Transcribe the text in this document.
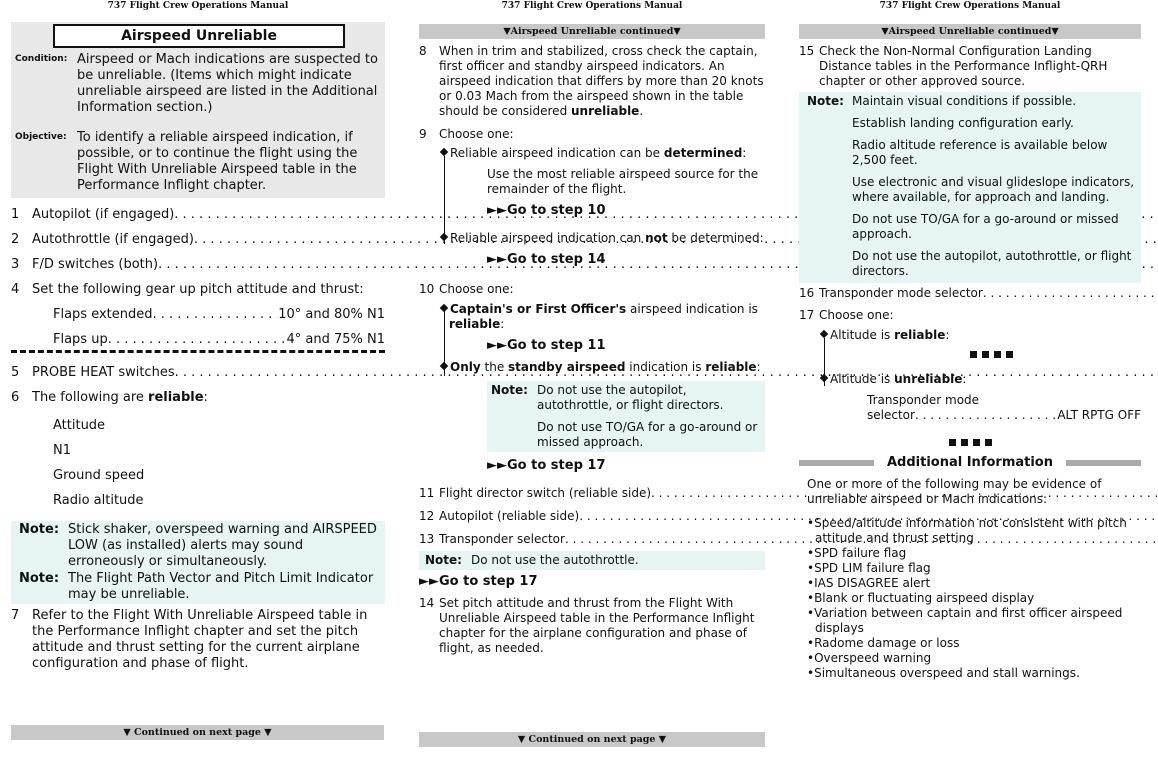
737 Flight Crew Operations Manual
Airspeed Unreliable
Condition: Airspeed or Mach indications are suspected to be unreliable. (Items which might indicate unreliable airspeed are listed in the Additional Information section.)
Objective: To identify a reliable airspeed indication, if possible, or to continue the flight using the Flight With Unreliable Airspeed table in the Performance Inflight chapter.
1 Autopilot (if engaged)
. . .
2 Autothrottle (if engaged)
. . .
3 F/D switches (both)
. . .
4 Set the following gear up pitch attitude and thrust:
Flaps extended . . .	10° and 80% N1
Flaps up . . .	4° and 75% N1
5 PROBE HEAT switches
. . .
6 The following are reliable:
Attitude
N1
Ground speed
Radio altitude
Note: Stick shaker, overspeed warning and AIRSPEED LOW (as installed) alerts may sound erroneously or simultaneously.
Note: The Flight Path Vector and Pitch Limit Indicator may be unreliable.
7 Refer to the Flight With Unreliable Airspeed table in the Performance Inflight chapter and set the pitch attitude and thrust setting for the current airplane configuration and phase of flight.
▼ Continued on next page ▼
737 Flight Crew Operations Manual
▼Airspeed Unreliable continued▼
8	When in trim and stabilized, cross check the captain, first officer and standby airspeed indicators. An airspeed indication that differs by more than 20 knots or 0.03 Mach from the airspeed shown in the table should be considered unreliable.
9	Choose one:
Reliable airspeed indication can be determined:
Use the most reliable airspeed source for the remainder of the flight.
►►Go to step 10
Reliable airspeed indication can not be determined:
►►Go to step 14
10 Choose one:
Captain's or First Officer's airspeed indication is reliable:
►►Go to step 11
Only the standby airspeed indication is reliable:
Note: Do not use the autopilot, autothrottle, or flight directors.
Do not use TO/GA for a go-around or missed approach.
►►Go to step 17
11 Flight director switch (reliable side)
. . .
12 Autopilot (reliable side)
. . .
13 Transponder selector
. . .
Note: Do not use the autothrottle.
►►Go to step 17
14 Set pitch attitude and thrust from the Flight With Unreliable Airspeed table in the Performance Inflight chapter for the airplane configuration and phase of flight, as needed.
▼ Continued on next page ▼
737 Flight Crew Operations Manual
▼Airspeed Unreliable continued▼
15 Check the Non-Normal Configuration Landing Distance tables in the Performance Inflight-QRH chapter or other approved source.
Note: Maintain visual conditions if possible.
Establish landing configuration early.
Radio altitude reference is available below 2,500 feet.
Use electronic and visual glideslope indicators, where available, for approach and landing.
Do not use TO/GA for a go-around or missed approach.
Do not use the autopilot, autothrottle, or flight directors.
16 Transponder mode selector
. . .
17 Choose one:
Altitude is reliable:
Altitude is unreliable:
Transponder mode
selector . . .	ALT RPTG OFF
Additional Information
One or more of the following may be evidence of unreliable airspeed or Mach indications:
•Speed/altitude information not consistent with pitch attitude and thrust setting
•SPD failure flag
•SPD LIM failure flag
•IAS DISAGREE alert
•Blank or fluctuating airspeed display
•Variation between captain and first officer airspeed displays
•Radome damage or loss
•Overspeed warning
•Simultaneous overspeed and stall warnings.
